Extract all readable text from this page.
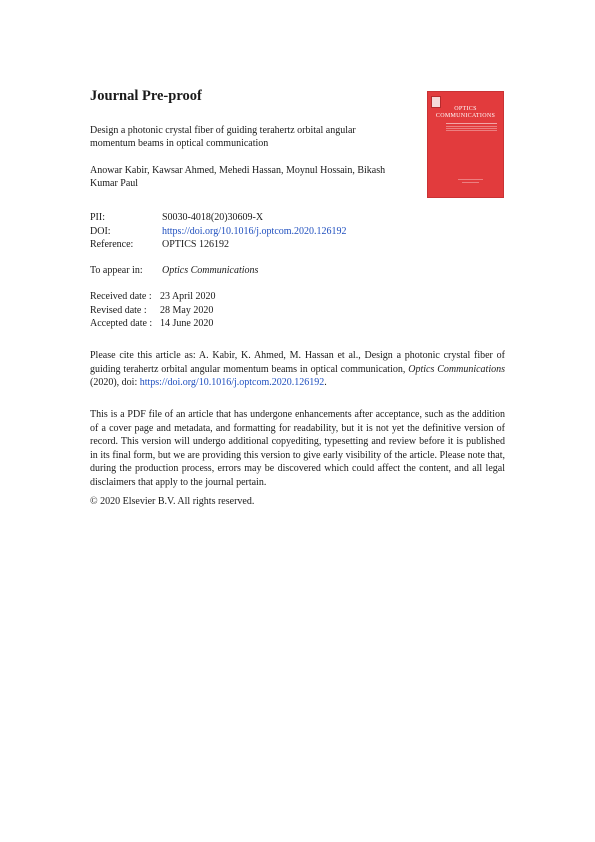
Journal Pre-proof
Design a photonic crystal fiber of guiding terahertz orbital angular momentum beams in optical communication
Anowar Kabir, Kawsar Ahmed, Mehedi Hassan, Moynul Hossain, Bikash Kumar Paul
OPTICS COMMUNICATIONS
PII:	S0030-4018(20)30609-X
DOI:	https://doi.org/10.1016/j.optcom.2020.126192
Reference:	OPTICS 126192
To appear in: Optics Communications
Received date : 23 April 2020
Revised date : 28 May 2020
Accepted date : 14 June 2020
Please cite this article as: A. Kabir, K. Ahmed, M. Hassan et al., Design a photonic crystal fiber of guiding terahertz orbital angular momentum beams in optical communication, Optics Communications (2020), doi: https://doi.org/10.1016/j.optcom.2020.126192.
This is a PDF file of an article that has undergone enhancements after acceptance, such as the addition of a cover page and metadata, and formatting for readability, but it is not yet the definitive version of record. This version will undergo additional copyediting, typesetting and review before it is published in its final form, but we are providing this version to give early visibility of the article. Please note that, during the production process, errors may be discovered which could affect the content, and all legal disclaimers that apply to the journal pertain.
© 2020 Elsevier B.V. All rights reserved.
